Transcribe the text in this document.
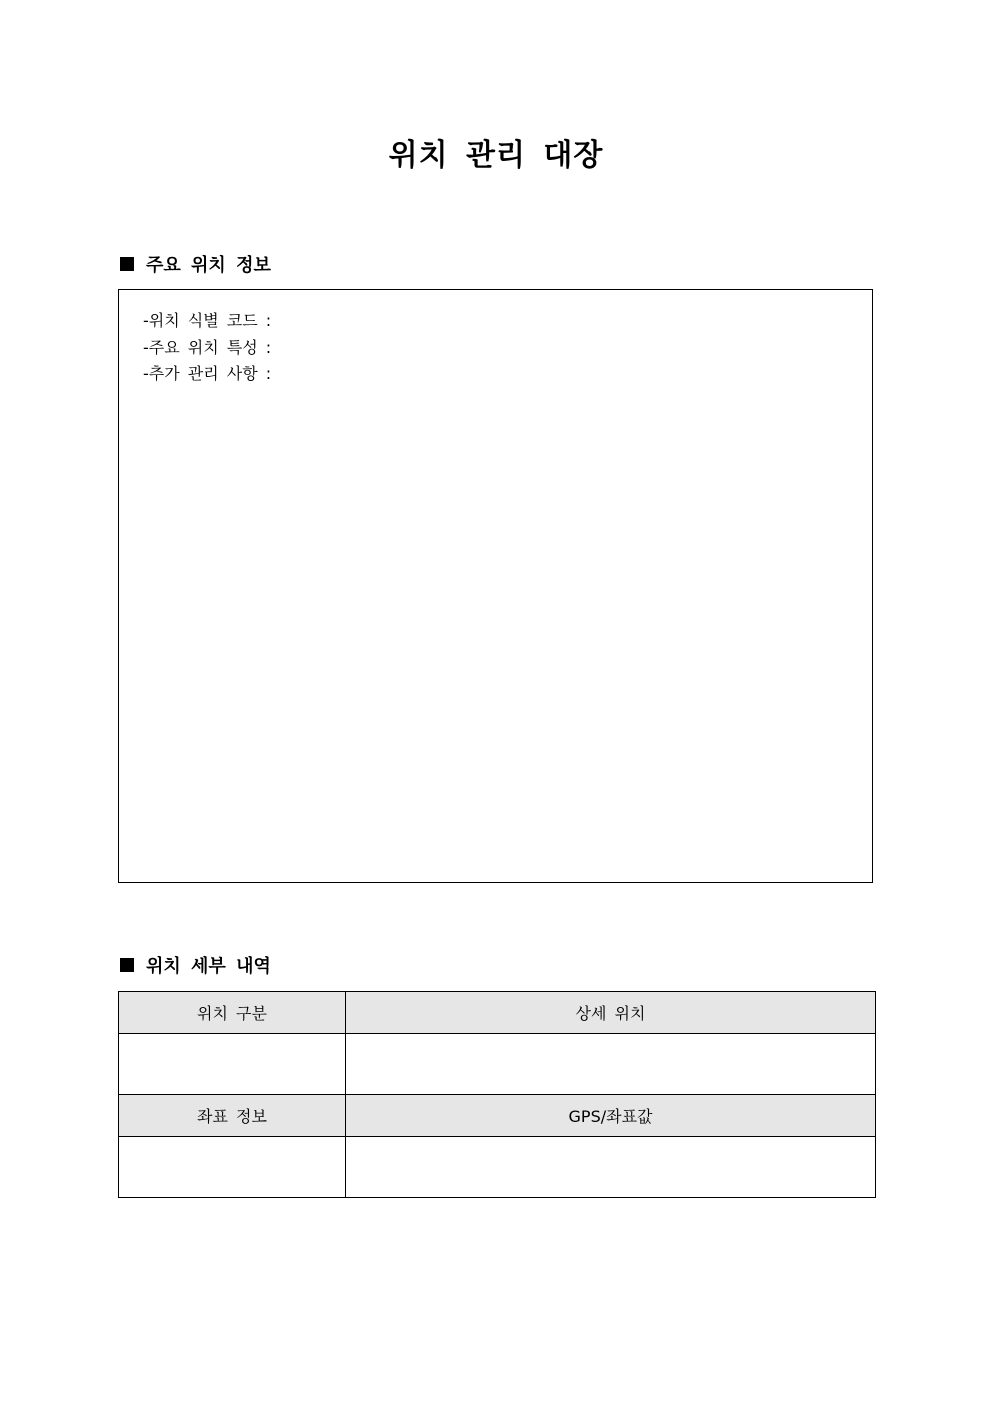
위치 관리 대장
주요 위치 정보
-위치 식별 코드 :
-주요 위치 특성 :
-추가 관리 사항 :
위치 세부 내역
위치 구분	상세 위치

좌표 정보	GPS/좌표값
